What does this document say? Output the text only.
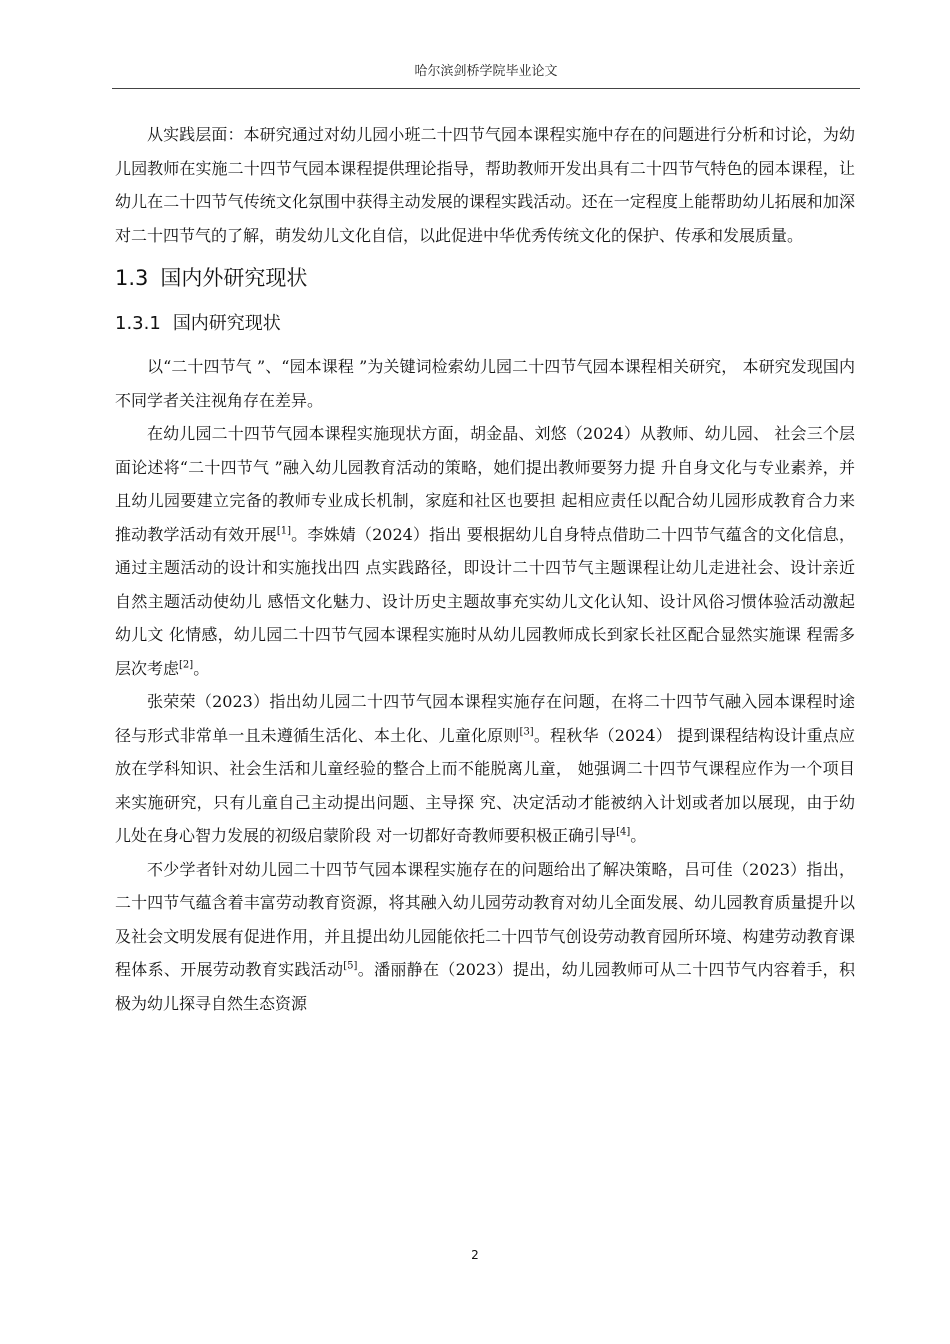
哈尔滨剑桥学院毕业论文

从实践层面：本研究通过对幼儿园小班二十四节气园本课程实施中存在的问题进行分析和讨论，为幼儿园教师在实施二十四节气园本课程提供理论指导，帮助教师开发出具有二十四节气特色的园本课程，让幼儿在二十四节气传统文化氛围中获得主动发展的课程实践活动。还在一定程度上能帮助幼儿拓展和加深对二十四节气的了解，萌发幼儿文化自信，以此促进中华优秀传统文化的保护、传承和发展质量。

1.3 国内外研究现状
1.3.1 国内研究现状

以“二十四节气 ”、“园本课程 ”为关键词检索幼儿园二十四节气园本课程相关研究， 本研究发现国内不同学者关注视角存在差异。

在幼儿园二十四节气园本课程实施现状方面，胡金晶、刘悠（2024）从教师、幼儿园、 社会三个层面论述将“二十四节气 ”融入幼儿园教育活动的策略，她们提出教师要努力提 升自身文化与专业素养，并且幼儿园要建立完备的教师专业成长机制，家庭和社区也要担 起相应责任以配合幼儿园形成教育合力来推动教学活动有效开展[1]。李姝婧（2024）指出 要根据幼儿自身特点借助二十四节气蕴含的文化信息，通过主题活动的设计和实施找出四 点实践路径，即设计二十四节气主题课程让幼儿走进社会、设计亲近自然主题活动使幼儿 感悟文化魅力、设计历史主题故事充实幼儿文化认知、设计风俗习惯体验活动激起幼儿文 化情感，幼儿园二十四节气园本课程实施时从幼儿园教师成长到家长社区配合显然实施课 程需多层次考虑[2]。

张荣荣（2023）指出幼儿园二十四节气园本课程实施存在问题，在将二十四节气融入园本课程时途径与形式非常单一且未遵循生活化、本土化、儿童化原则[3]。程秋华（2024） 提到课程结构设计重点应放在学科知识、社会生活和儿童经验的整合上而不能脱离儿童， 她强调二十四节气课程应作为一个项目来实施研究，只有儿童自己主动提出问题、主导探 究、决定活动才能被纳入计划或者加以展现，由于幼儿处在身心智力发展的初级启蒙阶段 对一切都好奇教师要积极正确引导[4]。

不少学者针对幼儿园二十四节气园本课程实施存在的问题给出了解决策略，吕可佳（2023）指出，二十四节气蕴含着丰富劳动教育资源，将其融入幼儿园劳动教育对幼儿全面发展、幼儿园教育质量提升以及社会文明发展有促进作用，并且提出幼儿园能依托二十四节气创设劳动教育园所环境、构建劳动教育课程体系、开展劳动教育实践活动[5]。潘丽静在（2023）提出，幼儿园教师可从二十四节气内容着手，积极为幼儿探寻自然生态资源

2
